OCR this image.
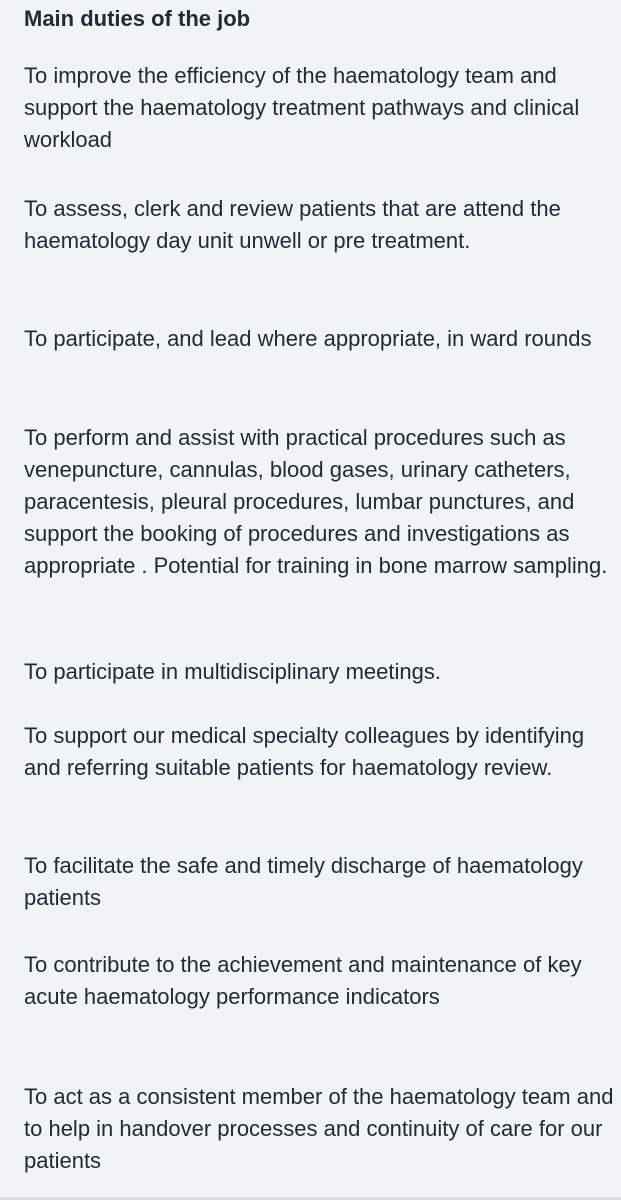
Main duties of the job

To improve the efficiency of the haematology team and support the haematology treatment pathways and clinical workload

To assess, clerk and review patients that are attend the haematology day unit unwell or pre treatment.

To participate, and lead where appropriate, in ward rounds

To perform and assist with practical procedures such as venepuncture, cannulas, blood gases, urinary catheters, paracentesis, pleural procedures, lumbar punctures, and support the booking of procedures and investigations as appropriate . Potential for training in bone marrow sampling.

To participate in multidisciplinary meetings.

To support our medical specialty colleagues by identifying and referring suitable patients for haematology review.

To facilitate the safe and timely discharge of haematology patients

To contribute to the achievement and maintenance of key acute haematology performance indicators

To act as a consistent member of the haematology team and to help in handover processes and continuity of care for our patients
